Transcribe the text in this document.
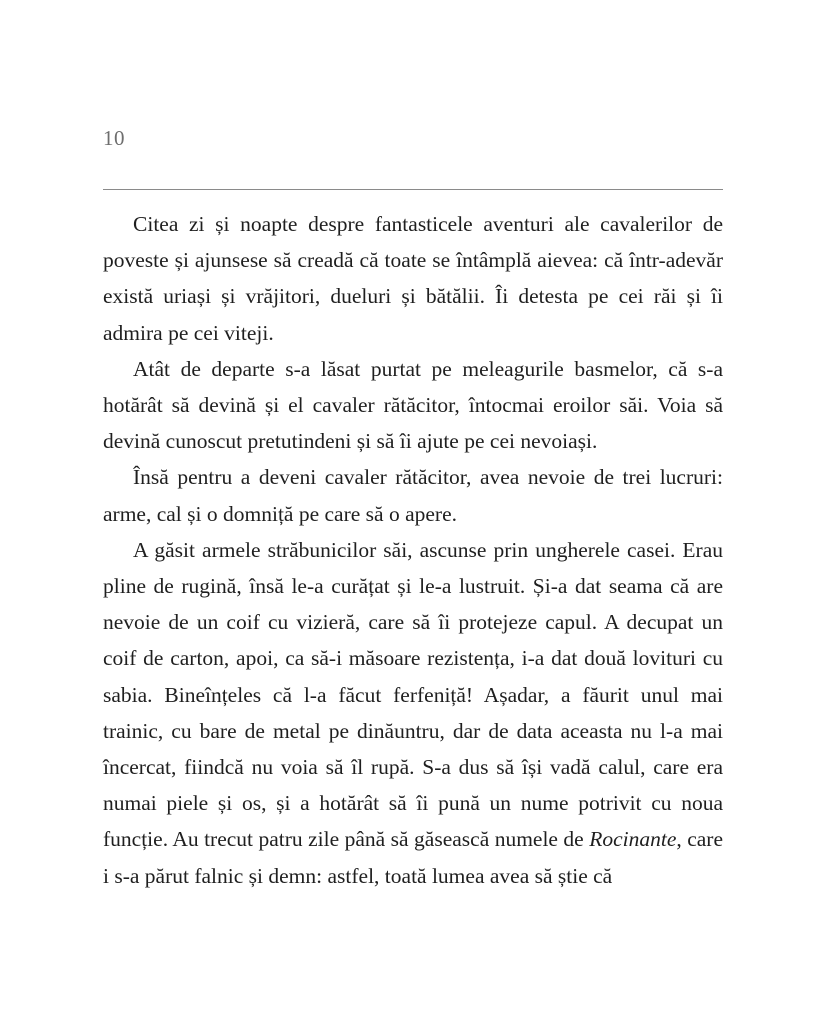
10

Citea zi și noapte despre fantasticele aventuri ale cavalerilor de poveste și ajunsese să creadă că toate se întâmplă aievea: că într-adevăr există uriași și vrăjitori, dueluri și bătălii. Îi detesta pe cei răi și îi admira pe cei viteji.

Atât de departe s-a lăsat purtat pe meleagurile basmelor, că s-a hotărât să devină și el cavaler rătăcitor, întocmai eroilor săi. Voia să devină cunoscut pretutindeni și să îi ajute pe cei nevoiași.

Însă pentru a deveni cavaler rătăcitor, avea nevoie de trei lucruri: arme, cal și o domniță pe care să o apere.

A găsit armele străbunicilor săi, ascunse prin ungherele casei. Erau pline de rugină, însă le-a curățat și le-a lustruit. Și-a dat seama că are nevoie de un coif cu vizieră, care să îi protejeze capul. A decupat un coif de carton, apoi, ca să-i măsoare rezistența, i-a dat două lovituri cu sabia. Bineînțeles că l-a făcut ferfeniță! Așadar, a făurit unul mai trainic, cu bare de metal pe dinăuntru, dar de data aceasta nu l-a mai încercat, fiindcă nu voia să îl rupă. S-a dus să își vadă calul, care era numai piele și os, și a hotărât să îi pună un nume potrivit cu noua funcție. Au trecut patru zile până să găsească numele de Rocinante, care i s-a părut falnic și demn: astfel, toată lumea avea să știe că
